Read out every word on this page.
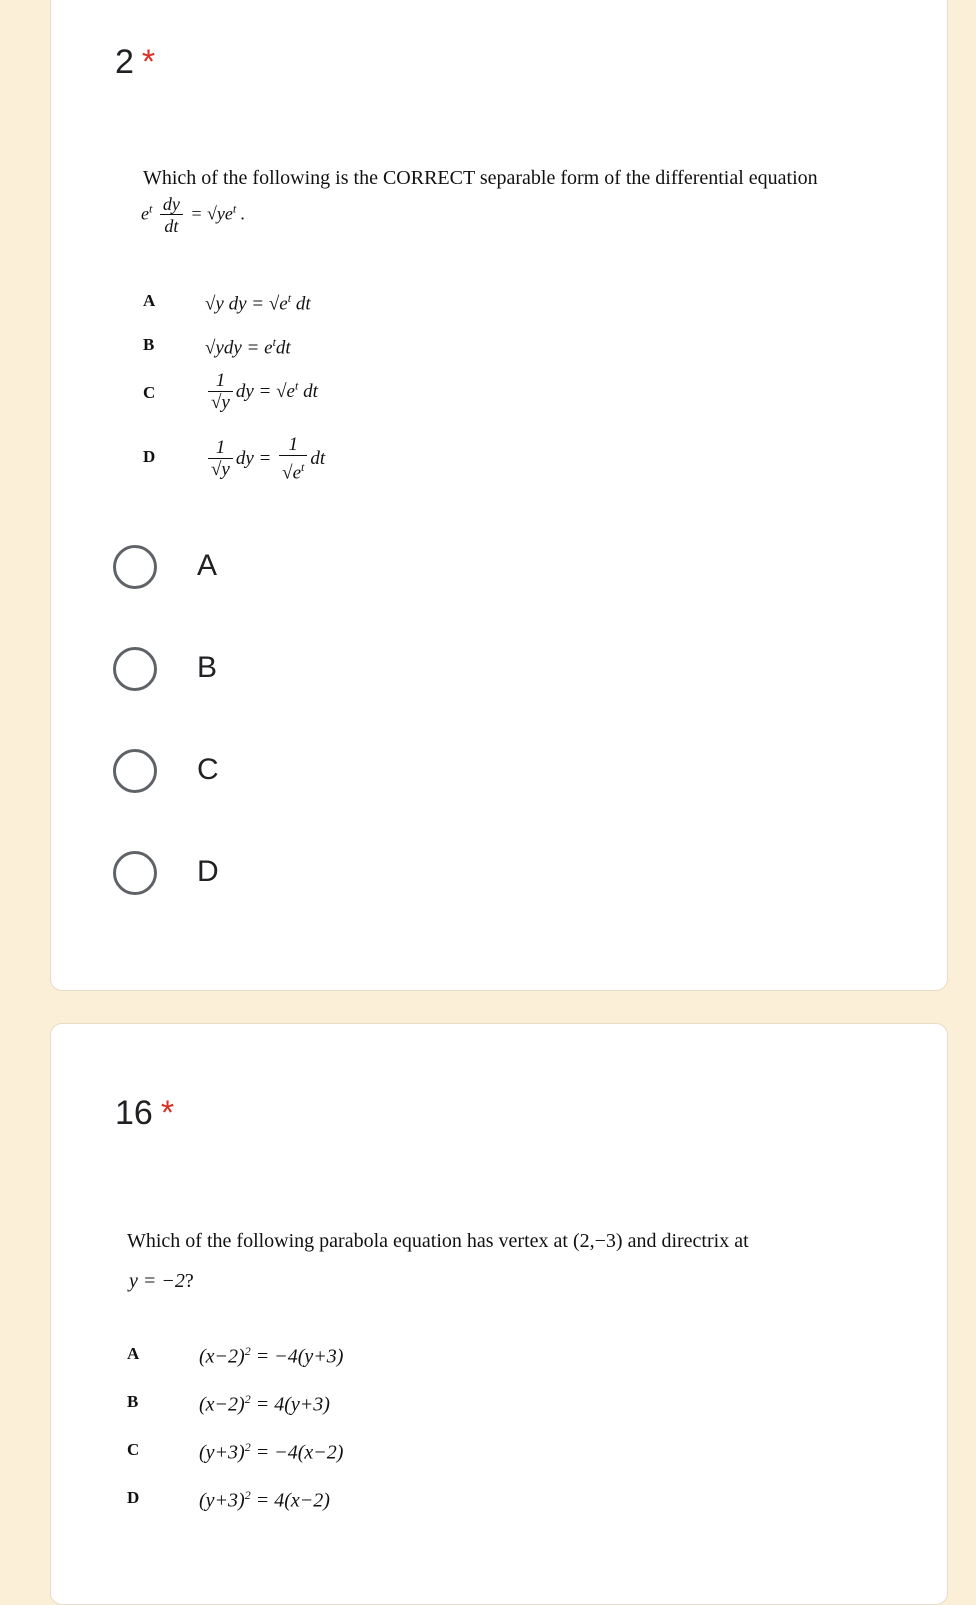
2 *
Which of the following is the CORRECT separable form of the differential equation
$e^t \frac{dy}{dt} = √ye^t$ .
A	√y dy = $√e^t$ dt
B	$√ydy = e^tdt$
C	$\frac{1}{√y}$ dy = $√e^t$ dt
D	$\frac{1}{√y}$ dy = $\frac{1}{√e^t}$ dt
A
B
C
D
16 *
Which of the following parabola equation has vertex at (2,−3) and directrix at
y = −2?
A	$(x-2)^2 = -4(y+3)$
B	$(x-2)^2 = 4(y+3)$
C	$(y+3)^2 = -4(x-2)$
D	$(y+3)^2 = 4(x-2)$
